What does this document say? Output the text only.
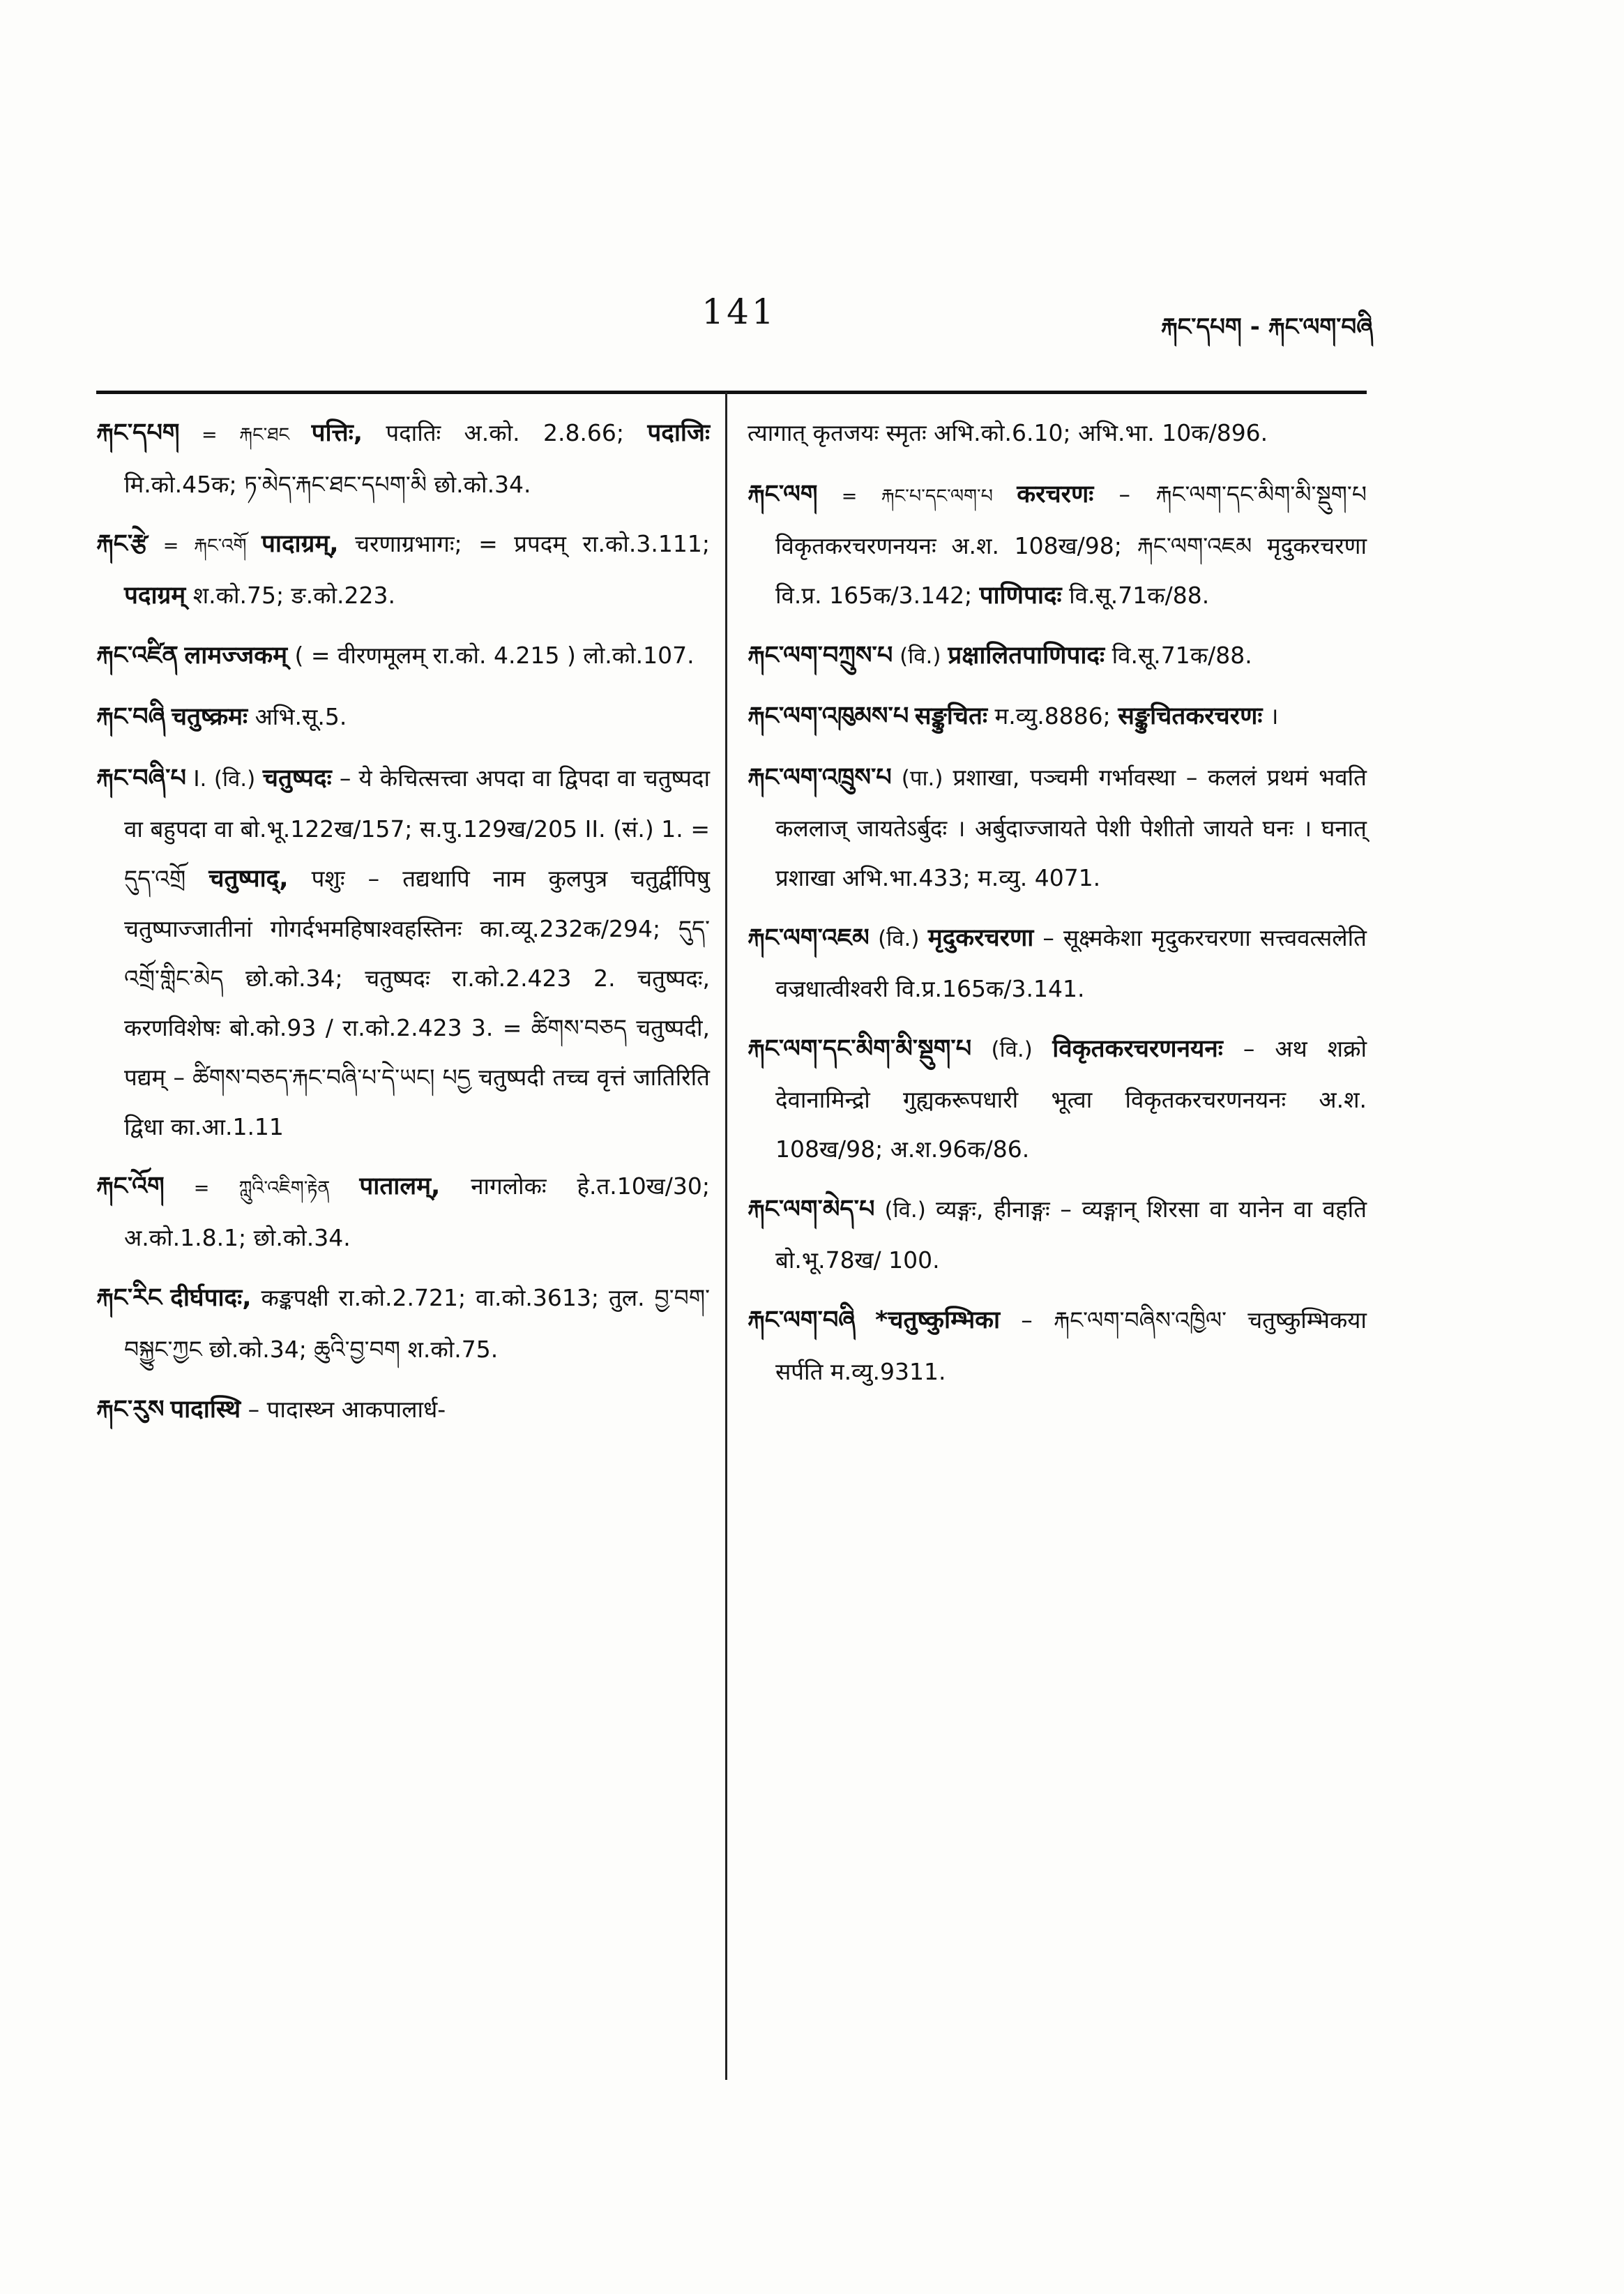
141	རྐང་དཔག - རྐང་ལག་བཞི

རྐང་དཔག = རྐང་ཐང पत्तिः, पदातिः अ.को. 2.8.66; पदाजिः मि.को.45क; ཏ་མེད་རྐང་ཐང་དཔག་མི छो.को.34.

རྐང་རྩེ = རྐང་འགོ पादाग्रम्, चरणाग्रभागः; = प्रपदम् रा.को.3.111; पदाग्रम् श.को.75; ङ.को.223.

རྐང་འཛིན लामज्जकम् ( = वीरणमूलम् रा.को. 4.215 ) लो.को.107.

རྐང་བཞི चतुष्क्रमः अभि.सू.5.

རྐང་བཞི་པ I. (वि.) चतुष्पदः – ये केचित्सत्त्वा अपदा वा द्विपदा वा चतुष्पदा वा बहुपदा वा बो.भू.122ख/157; स.पु.129ख/205 II. (सं.) 1. = དུད་འགྲོ चतुष्पाद्, पशुः – तद्यथापि नाम कुलपुत्र चतुर्द्वीपिषु चतुष्पाज्जातीनां गोगर्दभमहिषाश्वहस्तिनः का.व्यू.232क/294; དུད་འགྲོ་གླིང་མེད छो.को.34; चतुष्पदः रा.को.2.423 2. चतुष्पदः, करणविशेषः बो.को.93 / रा.को.2.423 3. = ཚིགས་བཅད चतुष्पदी, पद्यम् – ཚིགས་བཅད་རྐང་བཞི་པ་དེ་ཡང། པདྱ चतुष्पदी तच्च वृत्तं जातिरिति द्विधा का.आ.1.11

རྐང་འོག = ཀླུའི་འཇིག་རྟེན पातालम्, नागलोकः हे.त.10ख/30; अ.को.1.8.1; छो.को.34.

རྐང་རིང दीर्घपादः, कङ्कपक्षी रा.को.2.721; वा.को.3613; तुल. བྱ་བག་བསྐྱུང་ཀྱང छो.को.34; ཆུའི་བྱ་བག श.को.75.

རྐང་རུས पादास्थि – पादास्थ्न आकपालार्ध-

त्यागात् कृतजयः स्मृतः अभि.को.6.10; अभि.भा. 10क/896.

རྐང་ལག = རྐང་པ་དང་ལག་པ करचरणः – རྐང་ལག་དང་མིག་མི་སྡུག་པ विकृतकरचरणनयनः अ.श. 108ख/98; རྐང་ལག་འཇམ मृदुकरचरणा वि.प्र. 165क/3.142; पाणिपादः वि.सू.71क/88.

རྐང་ལག་བཀྲུས་པ (वि.) प्रक्षालितपाणिपादः वि.सू.71क/88.

རྐང་ལག་འཁུམས་པ सङ्कुचितः म.व्यु.8886; सङ्कुचितकरचरणः ।

རྐང་ལག་འཁྲུས་པ (पा.) प्रशाखा, पञ्चमी गर्भावस्था – कललं प्रथमं भवति कललाज् जायतेऽर्बुदः । अर्बुदाज्जायते पेशी पेशीतो जायते घनः । घनात् प्रशाखा अभि.भा.433; म.व्यु. 4071.

རྐང་ལག་འཇམ (वि.) मृदुकरचरणा – सूक्ष्मकेशा मृदुकरचरणा सत्त्ववत्सलेति वज्रधात्वीश्वरी वि.प्र.165क/3.141.

རྐང་ལག་དང་མིག་མི་སྡུག་པ (वि.) विकृतकरचरणनयनः – अथ शक्रो देवानामिन्द्रो गुह्यकरूपधारी भूत्वा विकृतकरचरणनयनः अ.श. 108ख/98; अ.श.96क/86.

རྐང་ལག་མེད་པ (वि.) व्यङ्गः, हीनाङ्गः – व्यङ्गान् शिरसा वा यानेन वा वहति बो.भू.78ख/ 100.

རྐང་ལག་བཞི *चतुष्कुम्भिका – རྐང་ལག་བཞིས་འཁྱིལ་ चतुष्कुम्भिकया सर्पति म.व्यु.9311.
